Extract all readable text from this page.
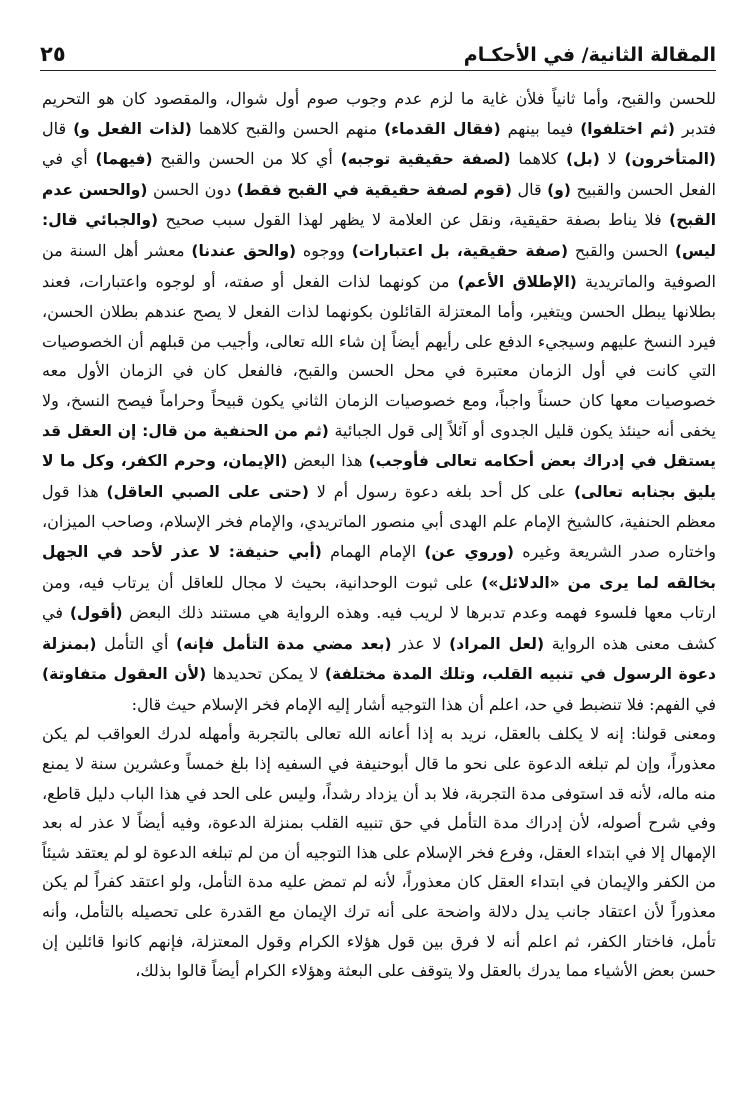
المقالة الثانية/ في الأحكـام
٢٥
للحسن والقبح، وأما ثانياً فلأن غاية ما لزم عدم وجوب صوم أول شوال، والمقصود كان هو التحريم فتدبر (ثم اختلفوا) فيما بينهم (فقال القدماء) منهم الحسن والقبح كلاهما (لذات الفعل و) قال (المتأخرون) لا (بل) كلاهما (لصفة حقيقية توجبه) أي كلا من الحسن والقبح (فيهما) أي في الفعل الحسن والقبيح (و) قال (قوم لصفة حقيقية في القبح فقط) دون الحسن (والحسن عدم القبح) فلا يناط بصفة حقيقية، ونقل عن العلامة لا يظهر لهذا القول سبب صحيح (والجبائي قال: ليس) الحسن والقبح (صفة حقيقية، بل اعتبارات) ووجوه (والحق عندنا) معشر أهل السنة من الصوفية والماتريدية (الإطلاق الأعم) من كونهما لذات الفعل أو صفته، أو لوجوه واعتبارات، فعند بطلانها يبطل الحسن ويتغير، وأما المعتزلة القائلون بكونهما لذات الفعل لا يصح عندهم بطلان الحسن، فيرد النسخ عليهم وسيجيء الدفع على رأيهم أيضاً إن شاء الله تعالى، وأجيب من قبلهم أن الخصوصيات التي كانت في أول الزمان معتبرة في محل الحسن والقبح، فالفعل كان في الزمان الأول معه خصوصيات معها كان حسناً واجباً، ومع خصوصيات الزمان الثاني يكون قبيحاً وحراماً فيصح النسخ، ولا يخفى أنه حينئذ يكون قليل الجدوى أو آئلاً إلى قول الجبائية (ثم من الحنفية من قال: إن العقل قد يستقل في إدراك بعض أحكامه تعالى فأوجب) هذا البعض (الإيمان، وحرم الكفر، وكل ما لا يليق بجنابه تعالى) على كل أحد بلغه دعوة رسول أم لا (حتى على الصبي العاقل) هذا قول معظم الحنفية، كالشيخ الإمام علم الهدى أبي منصور الماتريدي، والإمام فخر الإسلام، وصاحب الميزان، واختاره صدر الشريعة وغيره (وروي عن) الإمام الهمام (أبي حنيفة: لا عذر لأحد في الجهل بخالقه لما يرى من «الدلائل») على ثبوت الوحدانية، بحيث لا مجال للعاقل أن يرتاب فيه، ومن ارتاب معها فلسوء فهمه وعدم تدبرها لا لريب فيه. وهذه الرواية هي مستند ذلك البعض (أقول) في كشف معنى هذه الرواية (لعل المراد) لا عذر (بعد مضي مدة التأمل فإنه) أي التأمل (بمنزلة دعوة الرسول في تنبيه القلب، وتلك المدة مختلفة) لا يمكن تحديدها (لأن العقول متفاوتة) في الفهم: فلا تنضبط في حد، اعلم أن هذا التوجيه أشار إليه الإمام فخر الإسلام حيث قال:
ومعنى قولنا: إنه لا يكلف بالعقل، نريد به إذا أعانه الله تعالى بالتجربة وأمهله لدرك العواقب لم يكن معذوراً، وإن لم تبلغه الدعوة على نحو ما قال أبوحنيفة في السفيه إذا بلغ خمساً وعشرين سنة لا يمنع منه ماله، لأنه قد استوفى مدة التجربة، فلا بد أن يزداد رشداً، وليس على الحد في هذا الباب دليل قاطع، وفي شرح أصوله، لأن إدراك مدة التأمل في حق تنبيه القلب بمنزلة الدعوة، وفيه أيضاً لا عذر له بعد الإمهال إلا في ابتداء العقل، وفرع فخر الإسلام على هذا التوجيه أن من لم تبلغه الدعوة لو لم يعتقد شيئاً من الكفر والإيمان في ابتداء العقل كان معذوراً، لأنه لم تمض عليه مدة التأمل، ولو اعتقد كفراً لم يكن معذوراً لأن اعتقاد جانب يدل دلالة واضحة على أنه ترك الإيمان مع القدرة على تحصيله بالتأمل، وأنه تأمل، فاختار الكفر، ثم اعلم أنه لا فرق بين قول هؤلاء الكرام وقول المعتزلة، فإنهم كانوا قائلين إن حسن بعض الأشياء مما يدرك بالعقل ولا يتوقف على البعثة وهؤلاء الكرام أيضاً قالوا بذلك،
